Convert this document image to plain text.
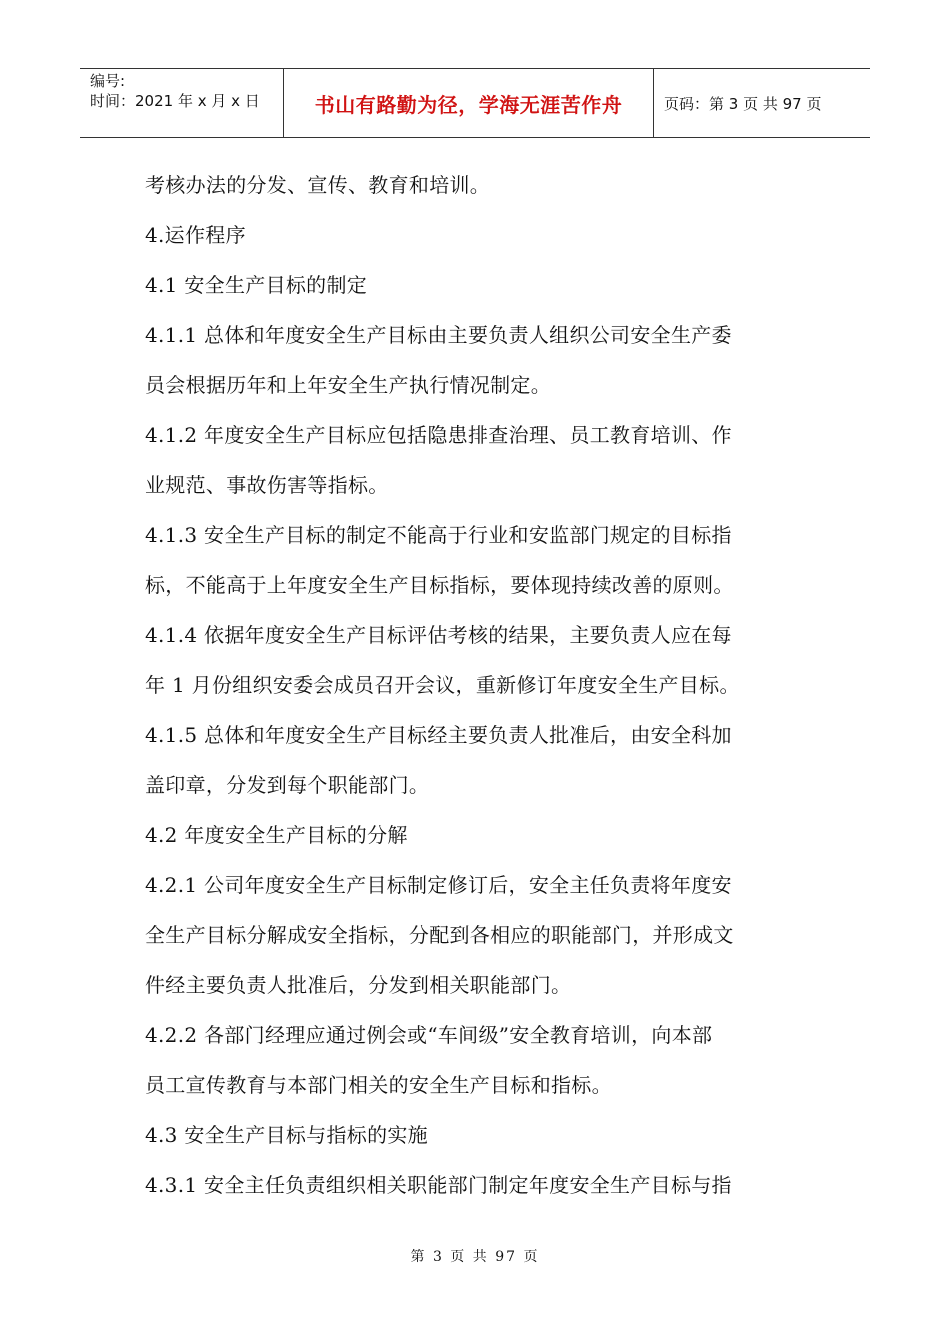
编号:
时间：2021 年 x 月 x 日	书山有路勤为径，学海无涯苦作舟	页码：第 3 页 共 97 页
考核办法的分发、宣传、教育和培训。
4.运作程序
4.1 安全生产目标的制定
4.1.1 总体和年度安全生产目标由主要负责人组织公司安全生产委
员会根据历年和上年安全生产执行情况制定。
4.1.2 年度安全生产目标应包括隐患排查治理、员工教育培训、作
业规范、事故伤害等指标。
4.1.3 安全生产目标的制定不能高于行业和安监部门规定的目标指
标，不能高于上年度安全生产目标指标，要体现持续改善的原则。
4.1.4 依据年度安全生产目标评估考核的结果，主要负责人应在每
年 1 月份组织安委会成员召开会议，重新修订年度安全生产目标。
4.1.5 总体和年度安全生产目标经主要负责人批准后，由安全科加
盖印章，分发到每个职能部门。
4.2 年度安全生产目标的分解
4.2.1 公司年度安全生产目标制定修订后，安全主任负责将年度安
全生产目标分解成安全指标，分配到各相应的职能部门，并形成文
件经主要负责人批准后，分发到相关职能部门。
4.2.2 各部门经理应通过例会或“车间级”安全教育培训，向本部
员工宣传教育与本部门相关的安全生产目标和指标。
4.3 安全生产目标与指标的实施
4.3.1 安全主任负责组织相关职能部门制定年度安全生产目标与指
第 3 页 共 97 页
